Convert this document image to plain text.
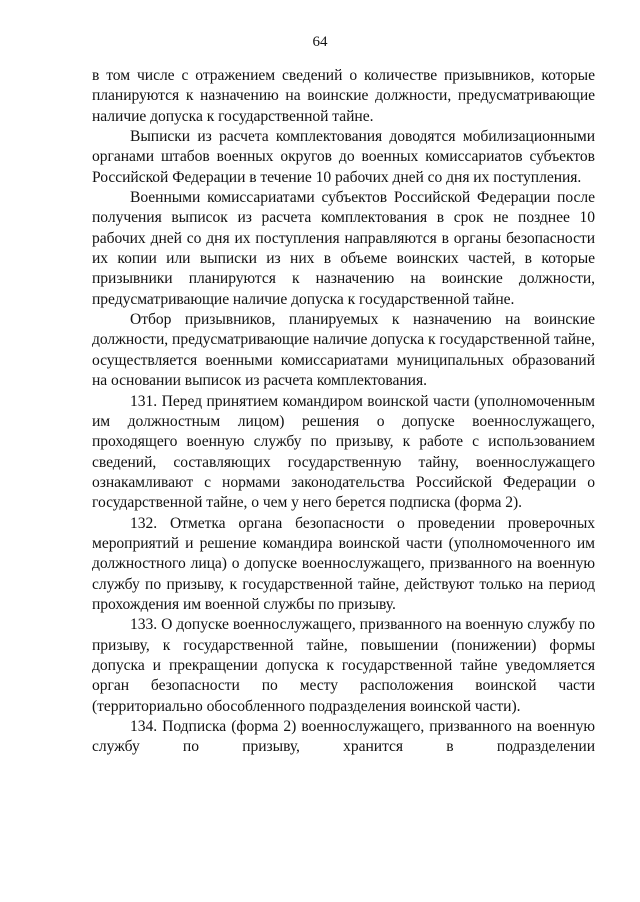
64

в том числе с отражением сведений о количестве призывников, которые планируются к назначению на воинские должности, предусматривающие наличие допуска к государственной тайне.

Выписки из расчета комплектования доводятся мобилизационными органами штабов военных округов до военных комиссариатов субъектов Российской Федерации в течение 10 рабочих дней со дня их поступления.

Военными комиссариатами субъектов Российской Федерации после получения выписок из расчета комплектования в срок не позднее 10 рабочих дней со дня их поступления направляются в органы безопасности их копии или выписки из них в объеме воинских частей, в которые призывники планируются к назначению на воинские должности, предусматривающие наличие допуска к государственной тайне.

Отбор призывников, планируемых к назначению на воинские должности, предусматривающие наличие допуска к государственной тайне, осуществляется военными комиссариатами муниципальных образований на основании выписок из расчета комплектования.

131. Перед принятием командиром воинской части (уполномоченным им должностным лицом) решения о допуске военнослужащего, проходящего военную службу по призыву, к работе с использованием сведений, составляющих государственную тайну, военнослужащего ознакамливают с нормами законодательства Российской Федерации о государственной тайне, о чем у него берется подписка (форма 2).

132. Отметка органа безопасности о проведении проверочных мероприятий и решение командира воинской части (уполномоченного им должностного лица) о допуске военнослужащего, призванного на военную службу по призыву, к государственной тайне, действуют только на период прохождения им военной службы по призыву.

133. О допуске военнослужащего, призванного на военную службу по призыву, к государственной тайне, повышении (понижении) формы допуска и прекращении допуска к государственной тайне уведомляется орган безопасности по месту расположения воинской части (территориально обособленного подразделения воинской части).

134. Подписка (форма 2) военнослужащего, призванного на военную службу по призыву, хранится в подразделении
